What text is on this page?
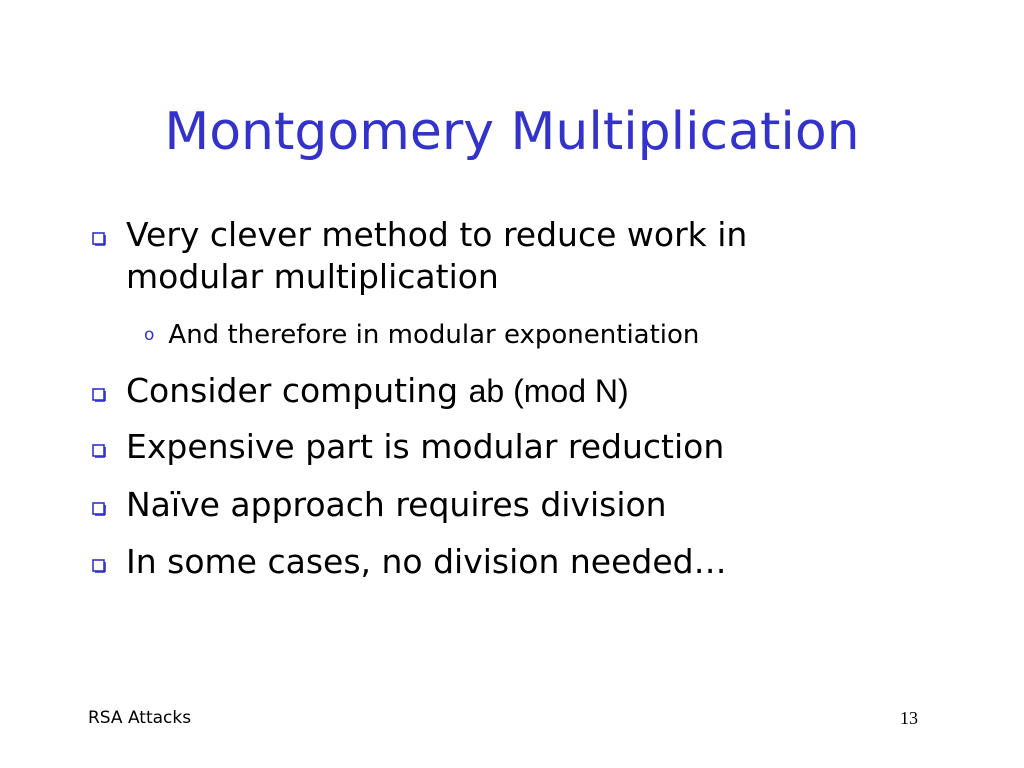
Montgomery Multiplication
Very clever method to reduce work in modular multiplication
o And therefore in modular exponentiation
Consider computing ab (mod N)
Expensive part is modular reduction
Naïve approach requires division
In some cases, no division needed…
RSA Attacks	13
